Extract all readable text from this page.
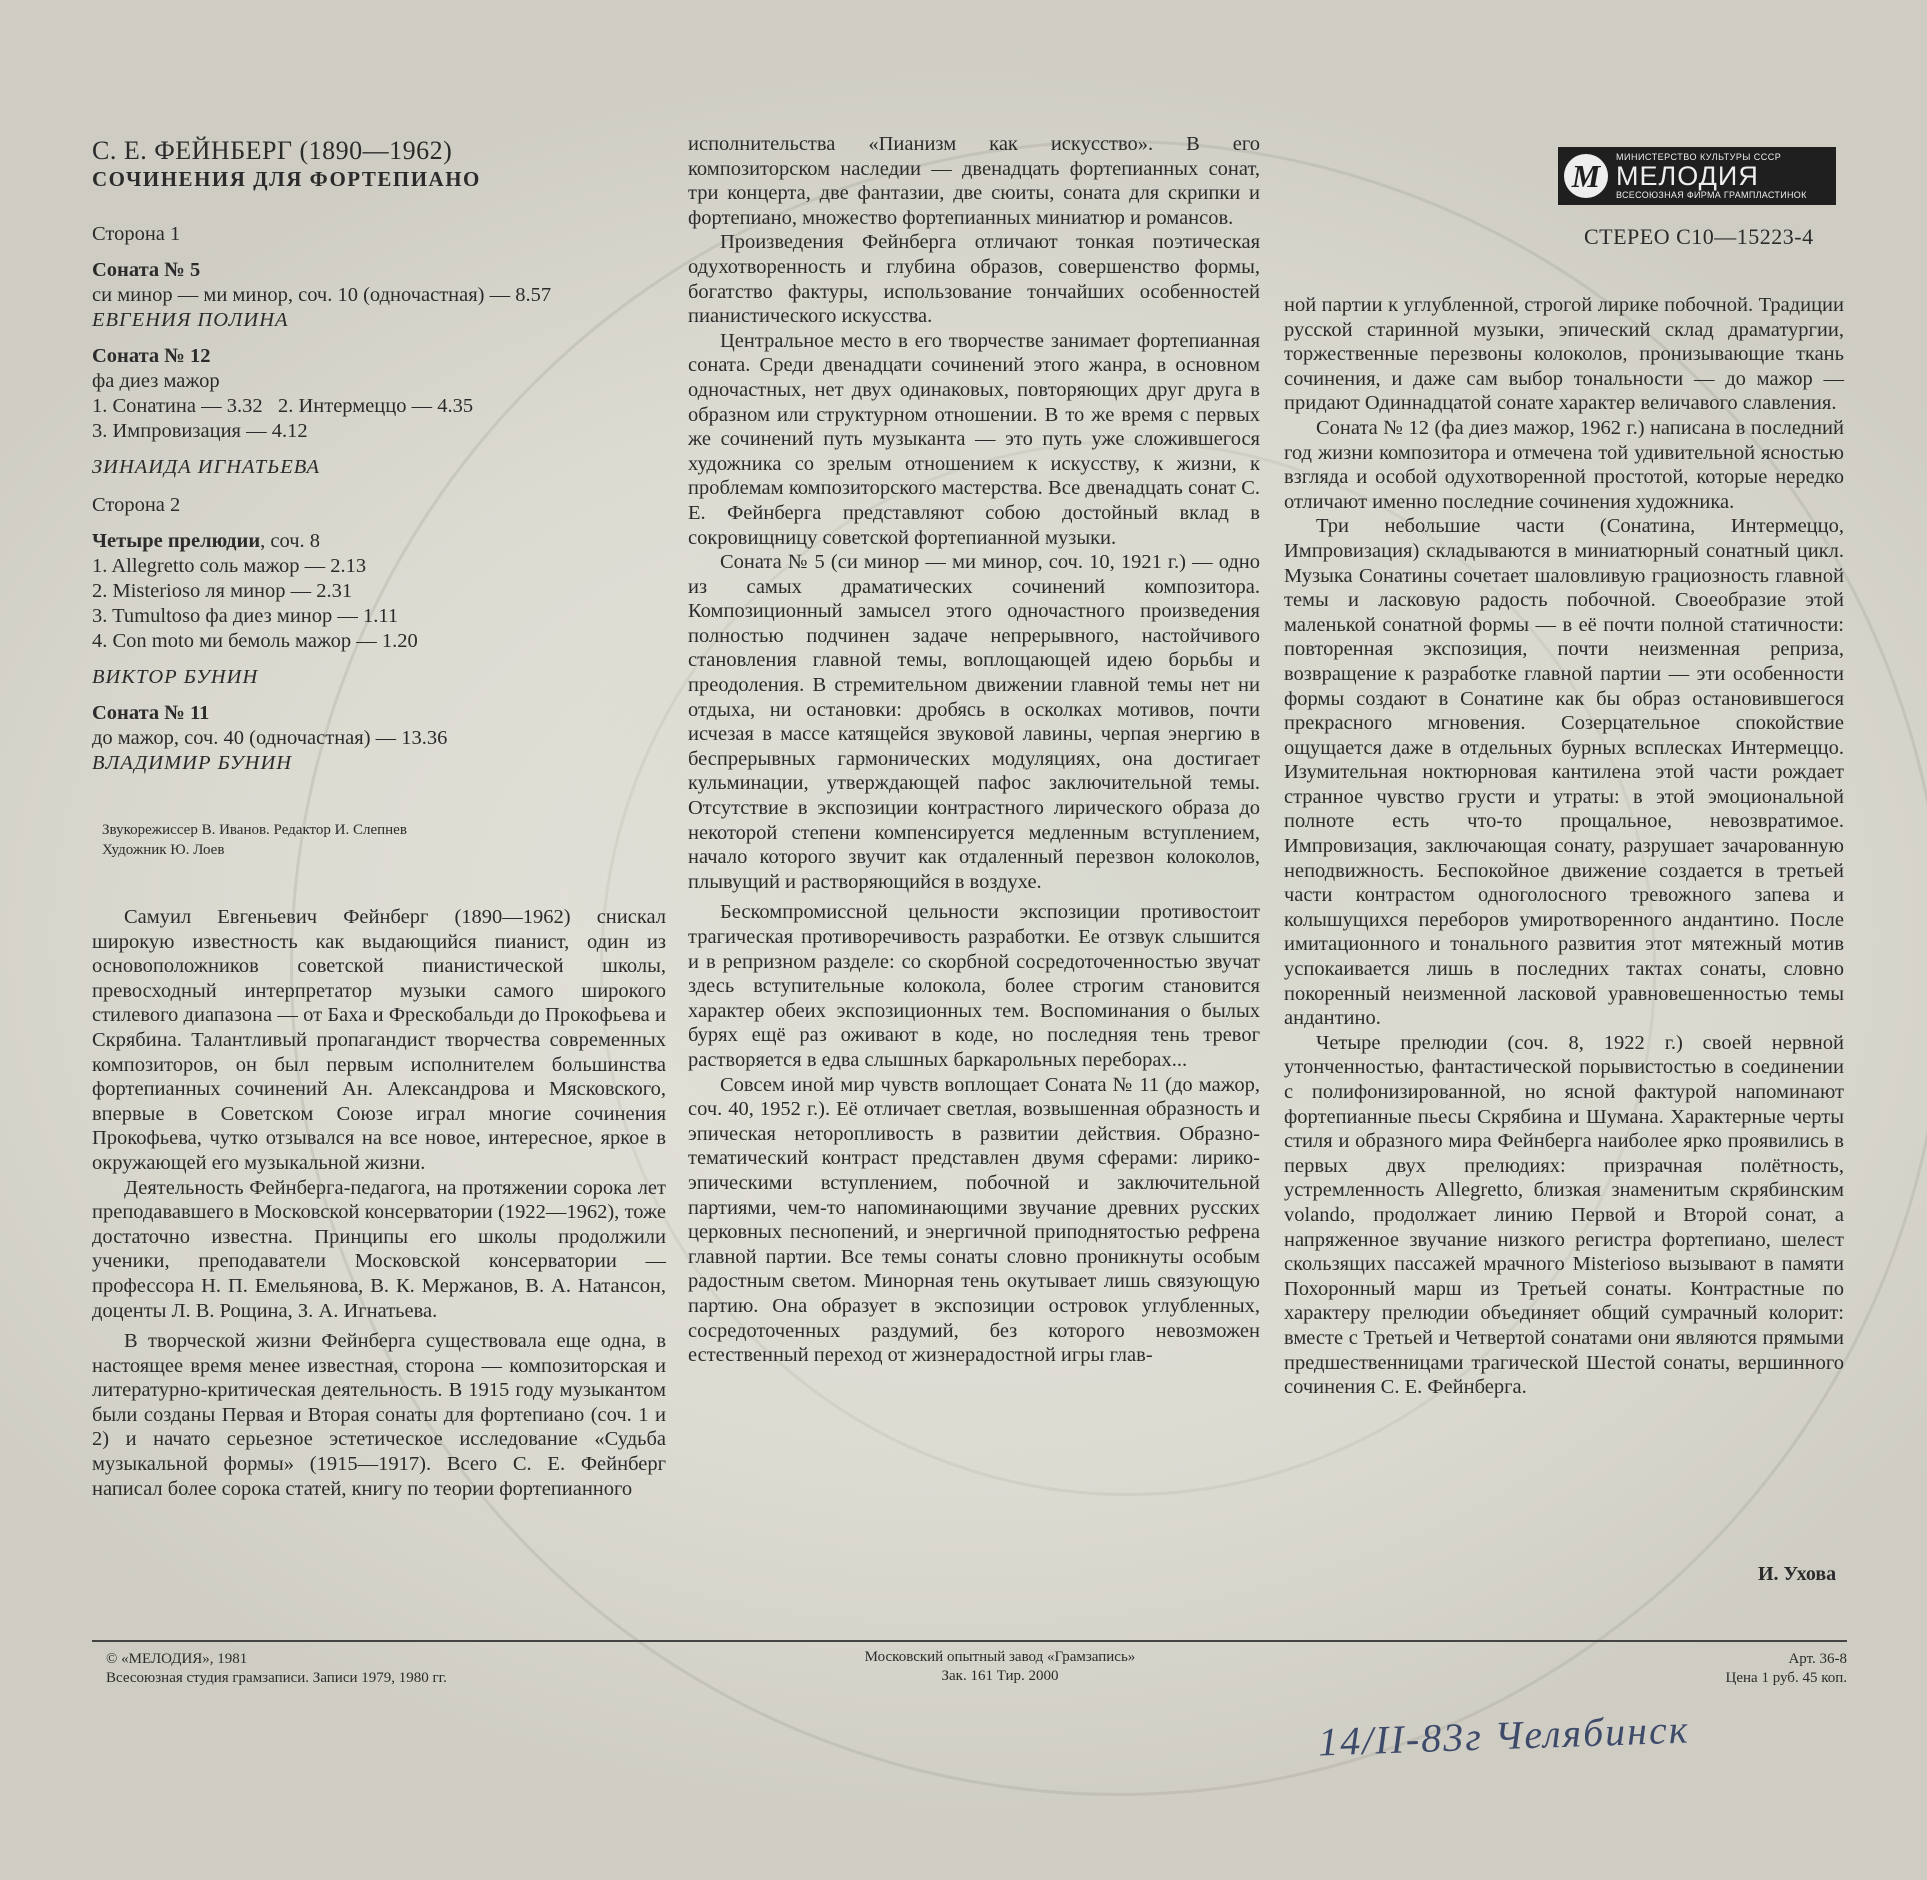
С. Е. ФЕЙНБЕРГ (1890—1962)
СОЧИНЕНИЯ ДЛЯ ФОРТЕПИАНО
Сторона 1
Соната № 5
си минор — ми минор, соч. 10 (одночастная) — 8.57
ЕВГЕНИЯ ПОЛИНА
Соната № 12
фа диез мажор
1. Сонатина — 3.32   2. Интермеццо — 4.35
3. Импровизация — 4.12
ЗИНАИДА ИГНАТЬЕВА
Сторона 2
Четыре прелюдии, соч. 8
1. Allegretto соль мажор — 2.13
2. Misterioso ля минор — 2.31
3. Tumultoso фа диез минор — 1.11
4. Con moto ми бемоль мажор — 1.20
ВИКТОР БУНИН
Соната № 11
до мажор, соч. 40 (одночастная) — 13.36
ВЛАДИМИР БУНИН
Звукорежиссер В. Иванов. Редактор И. Слепнев
Художник Ю. Лоев

Самуил Евгеньевич Фейнберг (1890—1962) снискал широкую известность как выдающийся пианист, один из основоположников советской пианистической школы, превосходный интерпретатор музыки самого широкого стилевого диапазона — от Баха и Фрескобальди до Прокофьева и Скрябина. Талантливый пропагандист творчества современных композиторов, он был первым исполнителем большинства фортепианных сочинений Ан. Александрова и Мясковского, впервые в Советском Союзе играл многие сочинения Прокофьева, чутко отзывался на все новое, интересное, яркое в окружающей его музыкальной жизни.

Деятельность Фейнберга-педагога, на протяжении сорока лет преподававшего в Московской консерватории (1922—1962), тоже достаточно известна. Принципы его школы продолжили ученики, преподаватели Московской консерватории — профессора Н. П. Емельянова, В. К. Мержанов, В. А. Натансон, доценты Л. В. Рощина, З. А. Игнатьева.

В творческой жизни Фейнберга существовала еще одна, в настоящее время менее известная, сторона — композиторская и литературно-критическая деятельность. В 1915 году музыкантом были созданы Первая и Вторая сонаты для фортепиано (соч. 1 и 2) и начато серьезное эстетическое исследование «Судьба музыкальной формы» (1915—1917). Всего С. Е. Фейнберг написал более сорока статей, книгу по теории фортепианного

исполнительства «Пианизм как искусство». В его композиторском наследии — двенадцать фортепианных сонат, три концерта, две фантазии, две сюиты, соната для скрипки и фортепиано, множество фортепианных миниатюр и романсов.

Произведения Фейнберга отличают тонкая поэтическая одухотворенность и глубина образов, совершенство формы, богатство фактуры, использование тончайших особенностей пианистического искусства.

Центральное место в его творчестве занимает фортепианная соната. Среди двенадцати сочинений этого жанра, в основном одночастных, нет двух одинаковых, повторяющих друг друга в образном или структурном отношении. В то же время с первых же сочинений путь музыканта — это путь уже сложившегося художника со зрелым отношением к искусству, к жизни, к проблемам композиторского мастерства. Все двенадцать сонат С. Е. Фейнберга представляют собою достойный вклад в сокровищницу советской фортепианной музыки.

Соната № 5 (си минор — ми минор, соч. 10, 1921 г.) — одно из самых драматических сочинений композитора. Композиционный замысел этого одночастного произведения полностью подчинен задаче непрерывного, настойчивого становления главной темы, воплощающей идею борьбы и преодоления. В стремительном движении главной темы нет ни отдыха, ни остановки: дробясь в осколках мотивов, почти исчезая в массе катящейся звуковой лавины, черпая энергию в беспрерывных гармонических модуляциях, она достигает кульминации, утверждающей пафос заключительной темы. Отсутствие в экспозиции контрастного лирического образа до некоторой степени компенсируется медленным вступлением, начало которого звучит как отдаленный перезвон колоколов, плывущий и растворяющийся в воздухе.

Бескомпромиссной цельности экспозиции противостоит трагическая противоречивость разработки. Ее отзвук слышится и в репризном разделе: со скорбной сосредоточенностью звучат здесь вступительные колокола, более строгим становится характер обеих экспозиционных тем. Воспоминания о былых бурях ещё раз оживают в коде, но последняя тень тревог растворяется в едва слышных баркарольных переборах...

Совсем иной мир чувств воплощает Соната № 11 (до мажор, соч. 40, 1952 г.). Её отличает светлая, возвышенная образность и эпическая неторопливость в развитии действия. Образно-тематический контраст представлен двумя сферами: лирико-эпическими вступлением, побочной и заключительной партиями, чем-то напоминающими звучание древних русских церковных песнопений, и энергичной приподнятостью рефрена главной партии. Все темы сонаты словно проникнуты особым радостным светом. Минорная тень окутывает лишь связующую партию. Она образует в экспозиции островок углубленных, сосредоточенных раздумий, без которого невозможен естественный переход от жизнерадостной игры глав-

ной партии к углубленной, строгой лирике побочной. Традиции русской старинной музыки, эпический склад драматургии, торжественные перезвоны колоколов, пронизывающие ткань сочинения, и даже сам выбор тональности — до мажор — придают Одиннадцатой сонате характер величавого славления.

Соната № 12 (фа диез мажор, 1962 г.) написана в последний год жизни композитора и отмечена той удивительной ясностью взгляда и особой одухотворенной простотой, которые нередко отличают именно последние сочинения художника.

Три небольшие части (Сонатина, Интермеццо, Импровизация) складываются в миниатюрный сонатный цикл. Музыка Сонатины сочетает шаловливую грациозность главной темы и ласковую радость побочной. Своеобразие этой маленькой сонатной формы — в её почти полной статичности: повторенная экспозиция, почти неизменная реприза, возвращение к разработке главной партии — эти особенности формы создают в Сонатине как бы образ остановившегося прекрасного мгновения. Созерцательное спокойствие ощущается даже в отдельных бурных всплесках Интермеццо. Изумительная ноктюрновая кантилена этой части рождает странное чувство грусти и утраты: в этой эмоциональной полноте есть что-то прощальное, невозвратимое. Импровизация, заключающая сонату, разрушает зачарованную неподвижность. Беспокойное движение создается в третьей части контрастом одноголосного тревожного запева и колышущихся переборов умиротворенного андантино. После имитационного и тонального развития этот мятежный мотив успокаивается лишь в последних тактах сонаты, словно покоренный неизменной ласковой уравновешенностью темы андантино.

Четыре прелюдии (соч. 8, 1922 г.) своей нервной утонченностью, фантастической порывистостью в соединении с полифонизированной, но ясной фактурой напоминают фортепианные пьесы Скрябина и Шумана. Характерные черты стиля и образного мира Фейнберга наиболее ярко проявились в первых двух прелюдиях: призрачная полётность, устремленность Allegretto, близкая знаменитым скрябинским volando, продолжает линию Первой и Второй сонат, а напряженное звучание низкого регистра фортепиано, шелест скользящих пассажей мрачного Misterioso вызывают в памяти Похоронный марш из Третьей сонаты. Контрастные по характеру прелюдии объединяет общий сумрачный колорит: вместе с Третьей и Четвертой сонатами они являются прямыми предшественницами трагической Шестой сонаты, вершинного сочинения С. Е. Фейнберга.

И. Ухова
М
МИНИСТЕРСТВО КУЛЬТУРЫ СССР
МЕЛОДИЯ
ВСЕСОЮЗНАЯ ФИРМА ГРАМПЛАСТИНОК
СТЕРЕО С10—15223-4
© «МЕЛОДИЯ», 1981
Всесоюзная студия грамзаписи. Записи 1979, 1980 гг.
Московский опытный завод «Грамзапись»
Зак. 161 Тир. 2000
Арт. 36-8
Цена 1 руб. 45 коп.
14/ІІ-83г Челябинск
